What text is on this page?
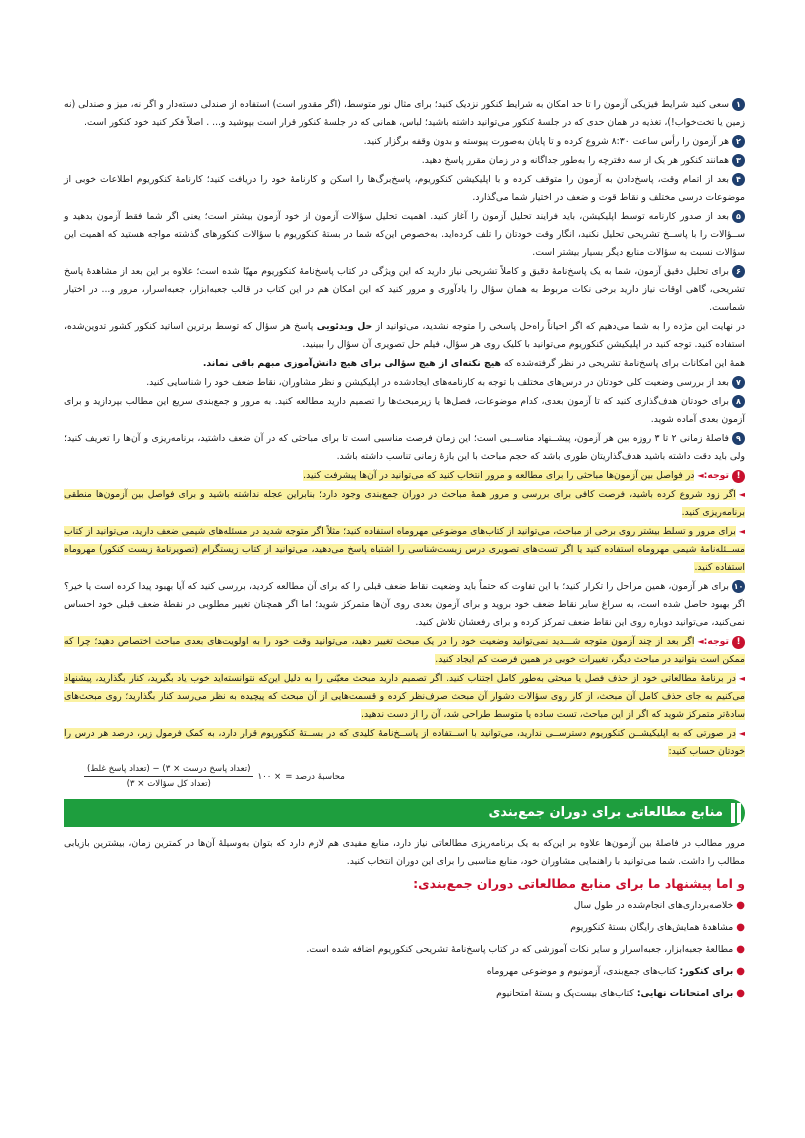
۱سعی کنید شرایط فیزیکی آزمون را تا حد امکان به شرایط کنکور نزدیک کنید؛ برای مثال نور متوسط، (اگر مقدور است) استفاده از صندلی دسته‌دار و اگر نه، میز و صندلی (نه زمین یا تخت‌خواب!)، تغذیه در همان حدی که در جلسهٔ کنکور می‌توانید داشته باشید؛ لباس، همانی که در جلسهٔ کنکور قرار است بپوشید و... . اصلاً فکر کنید خود کنکور است.

۲هر آزمون را رأس ساعت ۸:۳۰ شروع کرده و تا پایان به‌صورت پیوسته و بدون وقفه برگزار کنید.

۳همانند کنکور هر یک از سه دفترچه را به‌طور جداگانه و در زمان مقرر پاسخ دهید.

۴بعد از اتمام وقت، پاسخ‌دادن به آزمون را متوقف کرده و با اپلیکیشن کنکوریوم، پاسخ‌برگ‌ها را اسکن و کارنامهٔ خود را دریافت کنید؛ کارنامهٔ کنکوریوم اطلاعات خوبی از موضوعات درسی مختلف و نقاط قوت و ضعف در اختیار شما می‌گذارد.

۵بعد از صدور کارنامه توسط اپلیکیشن، باید فرایند تحلیل آزمون را آغاز کنید. اهمیت تحلیل سؤالات آزمون از خود آزمون بیشتر است؛ یعنی اگر شما فقط آزمون بدهید و ســؤالات را با پاســخ تشریحی تحلیل نکنید، انگار وقت خودتان را تلف کرده‌اید. به‌خصوص این‌که شما در بستهٔ کنکوریوم با سؤالات کنکورهای گذشته مواجه هستید که اهمیت این سؤالات نسبت به سؤالات منابع دیگر بسیار بیشتر است.

۶برای تحلیل دقیق آزمون، شما به یک پاسخ‌نامهٔ دقیق و کاملاً تشریحی نیاز دارید که این ویژگی در کتاب پاسخ‌نامهٔ کنکوریوم مهیّا شده است؛ علاوه بر این بعد از مشاهدهٔ پاسخ تشریحی، گاهی اوقات نیاز دارید برخی نکات مربوط به همان سؤال را یادآوری و مرور کنید که این امکان هم در این کتاب در قالب جعبه‌ابزار، جعبه‌اسرار، مرور و... در اختیار شماست.

در نهایت این مژده را به شما می‌دهیم که اگر احیاناً راه‌حل پاسخی را متوجه نشدید، می‌توانید از حل ویدئویی پاسخ هر سؤال که توسط برترین اساتید کنکور کشور تدوین‌شده، استفاده کنید. توجه کنید در اپلیکیشن کنکوریوم می‌توانید با کلیک روی هر سؤال، فیلم حل تصویری آن سؤال را ببینید.

همهٔ این امکانات برای پاسخ‌نامهٔ تشریحی در نظر گرفته‌شده که هیچ نکته‌ای از هیچ سؤالی برای هیچ دانش‌آموزی مبهم باقی نماند.

۷بعد از بررسی وضعیت کلی خودتان در درس‌های مختلف با توجه به کارنامه‌های ایجادشده در اپلیکیشن و نظر مشاوران، نقاط ضعف خود را شناسایی کنید.

۸برای خودتان هدف‌گذاری کنید که تا آزمون بعدی، کدام موضوعات، فصل‌ها یا زیرمبحث‌ها را تصمیم دارید مطالعه کنید. به مرور و جمع‌بندی سریع این مطالب بپردازید و برای آزمون بعدی آماده شوید.

۹فاصلهٔ زمانی ۲ تا ۳ روزه بین هر آزمون، پیشــنهاد مناســبی است؛ این زمان فرصت مناسبی است تا برای مباحثی که در آن ضعف داشتید، برنامه‌ریزی و آن‌ها را تعریف کنید؛ ولی باید دقت داشته باشید هدف‌گذاریتان طوری باشد که حجم مباحث با این بازهٔ زمانی تناسب داشته باشد.

!توجه:◄در فواصل بین آزمون‌ها مباحثی را برای مطالعه و مرور انتخاب کنید که می‌توانید در آن‌ها پیشرفت کنید.

◄اگر زود شروع کرده باشید، فرصت کافی برای بررسی و مرور همهٔ مباحث در دوران جمع‌بندی وجود دارد؛ بنابراین عجله نداشته باشید و برای فواصل بین آزمون‌ها منطقی برنامه‌ریزی کنید.

◄برای مرور و تسلط بیشتر روی برخی از مباحث، می‌توانید از کتاب‌های موضوعی مهروماه استفاده کنید؛ مثلاً اگر متوجه شدید در مسئله‌های شیمی ضعف دارید، می‌توانید از کتاب مســئله‌نامهٔ شیمی مهروماه استفاده کنید یا اگر تست‌های تصویری درس زیست‌شناسی را اشتباه پاسخ می‌دهید، می‌توانید از کتاب زیستگرام (تصویرنامهٔ زیست کنکور) مهروماه استفاده کنید.

۱۰برای هر آزمون، همین مراحل را تکرار کنید؛ با این تفاوت که حتماً باید وضعیت نقاط ضعف قبلی را که برای آن مطالعه کردید، بررسی کنید که آیا بهبود پیدا کرده است یا خیر؟ اگر بهبود حاصل شده است، به سراغ سایر نقاط ضعف خود بروید و برای آزمون بعدی روی آن‌ها متمرکز شوید؛ اما اگر همچنان تغییر مطلوبی در نقطهٔ ضعف قبلی خود احساس نمی‌کنید، می‌توانید دوباره روی این نقاط ضعف تمرکز کرده و برای رفعشان تلاش کنید.

!توجه:◄اگر بعد از چند آزمون متوجه شـــدید نمی‌توانید وضعیت خود را در یک مبحث تغییر دهید، می‌توانید وقت خود را به اولویت‌های بعدی مباحث اختصاص دهید؛ چرا که ممکن است بتوانید در مباحث دیگر، تغییرات خوبی در همین فرصت کم ایجاد کنید.

◄در برنامهٔ مطالعاتی خود از حذف فصل یا مبحثی به‌طور کامل اجتناب کنید. اگر تصمیم دارید مبحث معیّنی را به دلیل این‌که نتوانسته‌اید خوب یاد بگیرید، کنار بگذارید، پیشنهاد می‌کنیم به جای حذف کامل آن مبحث، از کار روی سؤالات دشوار آن مبحث صرف‌نظر کرده و قسمت‌هایی از آن مبحث که پیچیده به نظر می‌رسد کنار بگذارید؛ روی مبحث‌های سادهٔ‌تر متمرکز شوید که اگر از این مباحث، تست ساده یا متوسط طراحی شد، آن را از دست ندهید.

◄در صورتی که به اپلیکیشــن کنکوریوم دسترســی ندارید، می‌توانید با اســتفاده از پاســخ‌نامهٔ کلیدی که در بســتهٔ کنکوریوم قرار دارد، به کمک فرمول زیر، درصد هر درس را خودتان حساب کنید:

محاسبهٔ درصد =
× ۱۰۰
$\frac{\text{(تعداد پاسخ درست × ۳) − (تعداد پاسخ غلط)}}{\text{(تعداد کل سؤالات × ۳)}}$
منابع مطالعاتی برای دوران جمع‌بندی

مرور مطالب در فاصلهٔ بین آزمون‌ها علاوه بر این‌که به یک برنامه‌ریزی مطالعاتی نیاز دارد، منابع مفیدی هم لازم دارد که بتوان به‌وسیلهٔ آن‌ها در کمترین زمان، بیشترین بازیابی مطالب را داشت. شما می‌توانید با راهنمایی مشاوران خود، منابع مناسبی را برای این دوران انتخاب کنید.

و اما پیشنهاد ما برای منابع مطالعاتی دوران جمع‌بندی:
●خلاصه‌برداری‌های انجام‌شده در طول سال
●مشاهدهٔ همایش‌های رایگان بستهٔ کنکوریوم
●مطالعهٔ جعبه‌ابزار، جعبه‌اسرار و سایر نکات آموزشی که در کتاب پاسخ‌نامهٔ تشریحی کنکوریوم اضافه شده است.
●برای کنکور: کتاب‌های جمع‌بندی، آزمونیوم و موضوعی مهروماه
●برای امتحانات نهایی: کتاب‌های بیست‌پک و بستهٔ امتحانیوم
